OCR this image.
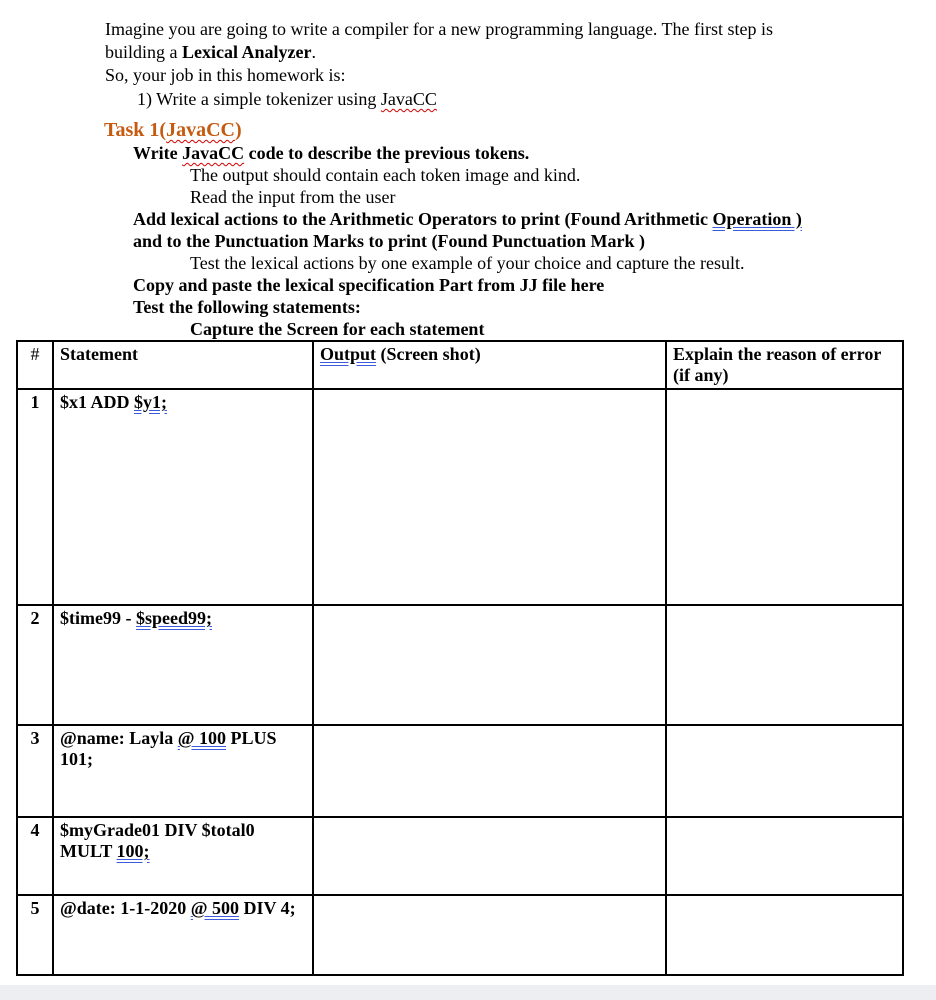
Imagine you are going to write a compiler for a new programming language. The first step is
building a Lexical Analyzer.
So, your job in this homework is:
1) Write a simple tokenizer using JavaCC
Task 1(JavaCC)
Write JavaCC code to describe the previous tokens.
The output should contain each token image and kind.
Read the input from the user
Add lexical actions to the Arithmetic Operators to print (Found Arithmetic Operation )
and to the Punctuation Marks to print (Found Punctuation Mark )
Test the lexical actions by one example of your choice and capture the result.
Copy and paste the lexical specification Part from JJ file here
Test the following statements:
Capture the Screen for each statement
#	Statement	Output (Screen shot)	Explain the reason of error (if any)
1	$x1 ADD $y1;		
2	$time99 - $speed99;		
3	@name: Layla @ 100 PLUS 101;		
4	$myGrade01 DIV $total0 MULT 100;		
5	@date: 1-1-2020 @ 500 DIV 4;		
